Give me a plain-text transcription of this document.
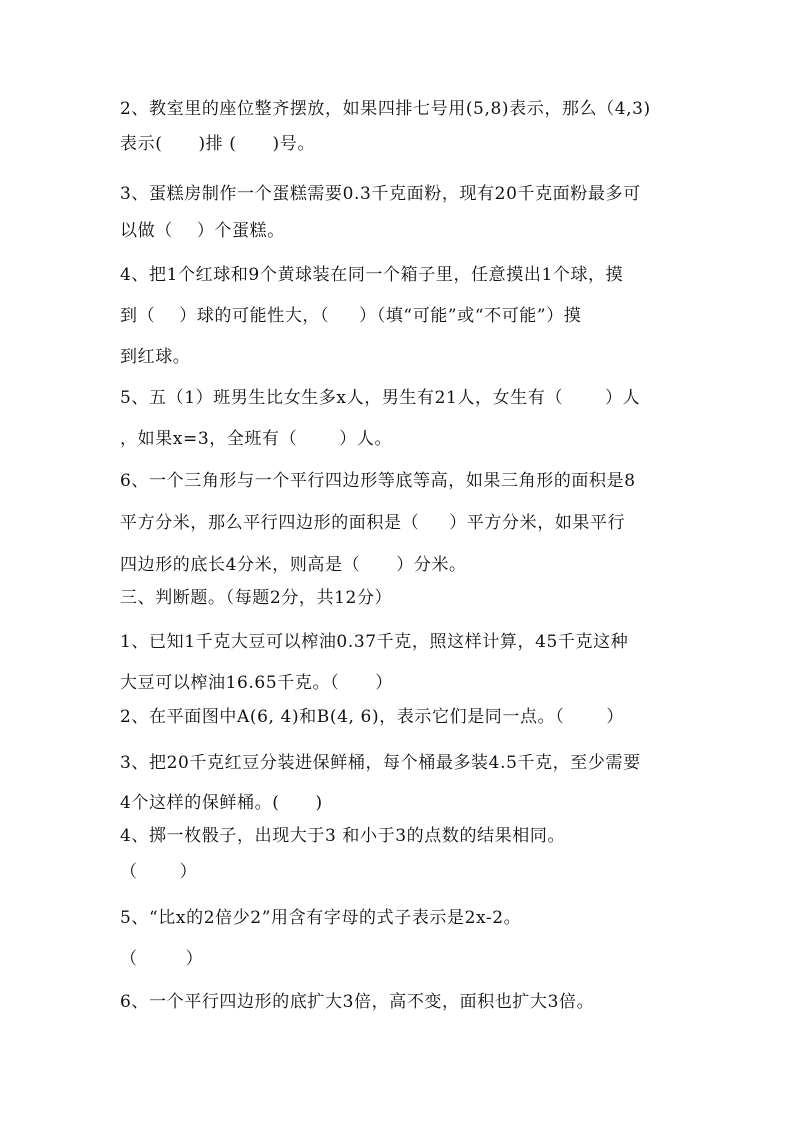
2、教室里的座位整齐摆放，如果四排七号用(5,8)表示，那么（4,3)
表示(      )排 (      )号。
3、蛋糕房制作一个蛋糕需要0.3千克面粉，现有20千克面粉最多可
以做（    ）个蛋糕。
4、把1个红球和9个黄球装在同一个箱子里，任意摸出1个球，摸
到（    ）球的可能性大，（     ）（填“可能”或“不可能”）摸
到红球。
5、五（1）班男生比女生多x人，男生有21人，女生有（       ）人
，如果x=3，全班有（       ）人。
6、一个三角形与一个平行四边形等底等高，如果三角形的面积是8
平方分米，那么平行四边形的面积是（     ）平方分米，如果平行
四边形的底长4分米，则高是（      ）分米。
三、判断题。（每题2分，共12分）
1、已知1千克大豆可以榨油0.37千克，照这样计算，45千克这种
大豆可以榨油16.65千克。（      ）
2、在平面图中A(6, 4)和B(4, 6)，表示它们是同一点。（       ）
3、把20千克红豆分装进保鲜桶，每个桶最多装4.5千克，至少需要
4个这样的保鲜桶。(      )
4、掷一枚骰子，出现大于3 和小于3的点数的结果相同。
（       ）
5、“比x的2倍少2”用含有字母的式子表示是2x-2。
（        ）
6、一个平行四边形的底扩大3倍，高不变，面积也扩大3倍。
